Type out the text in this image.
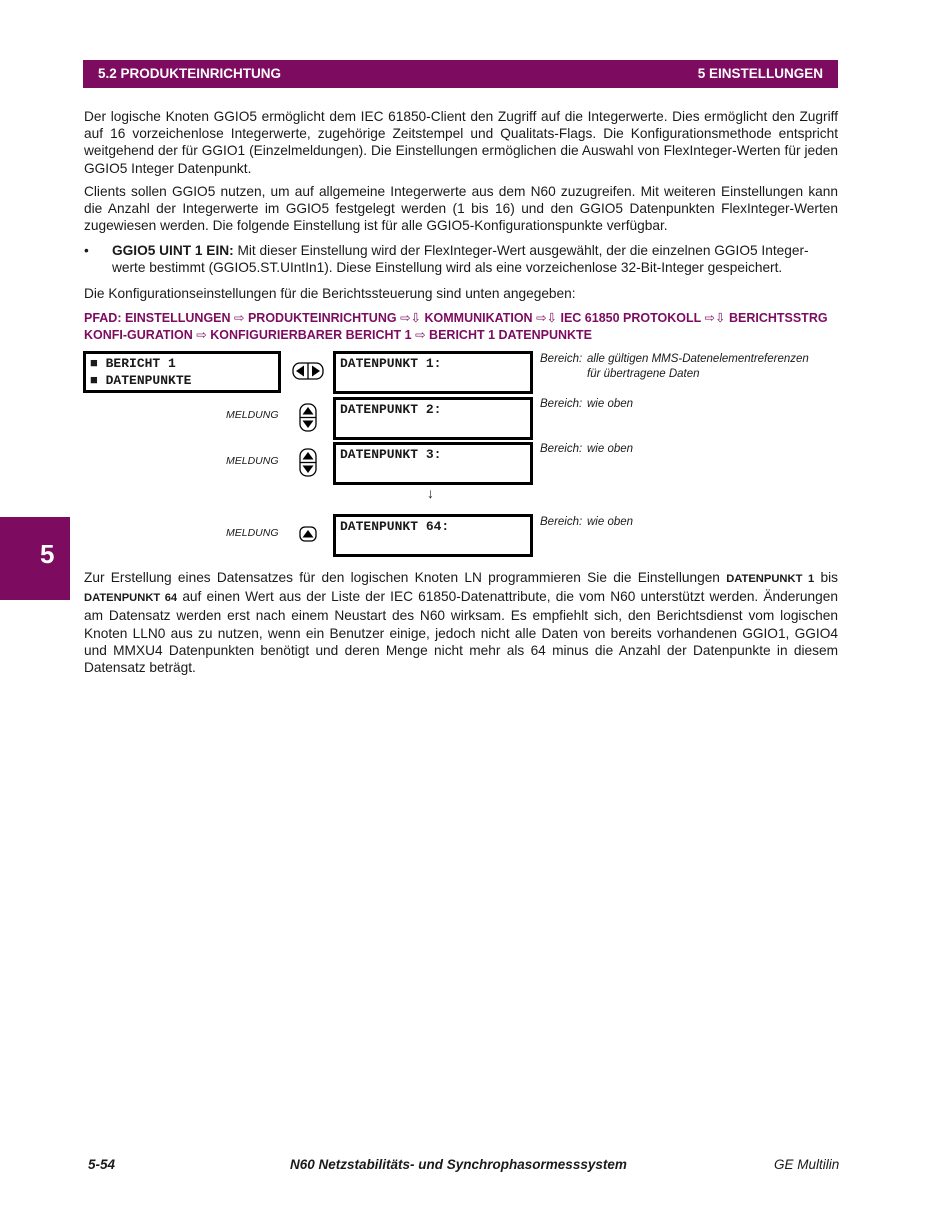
5.2 PRODUKTEINRICHTUNG	5 EINSTELLUNGEN

Der logische Knoten GGIO5 ermöglicht dem IEC 61850-Client den Zugriff auf die Integerwerte. Dies ermöglicht den Zugriff auf 16 vorzeichenlose Integerwerte, zugehörige Zeitstempel und Qualitats-Flags. Die Konfigurationsmethode entspricht weitgehend der für GGIO1 (Einzelmeldungen). Die Einstellungen ermöglichen die Auswahl von FlexInteger-Werten für jeden GGIO5 Integer Datenpunkt.

Clients sollen GGIO5 nutzen, um auf allgemeine Integerwerte aus dem N60 zuzugreifen. Mit weiteren Einstellungen kann die Anzahl der Integerwerte im GGIO5 festgelegt werden (1 bis 16) und den GGIO5 Datenpunkten FlexInteger-Werten zugewiesen werden. Die folgende Einstellung ist für alle GGIO5-Konfigurationspunkte verfügbar.

• GGIO5 UINT 1 EIN: Mit dieser Einstellung wird der FlexInteger-Wert ausgewählt, der die einzelnen GGIO5 Integer-werte bestimmt (GGIO5.ST.UIntIn1). Diese Einstellung wird als eine vorzeichenlose 32-Bit-Integer gespeichert.

Die Konfigurationseinstellungen für die Berichtssteuerung sind unten angegeben:

PFAD: EINSTELLUNGEN ⇨ PRODUKTEINRICHTUNG ⇨⇩ KOMMUNIKATION ⇨⇩ IEC 61850 PROTOKOLL ⇨⇩ BERICHTSSTRG KONFI-GURATION ⇨ KONFIGURIERBARER BERICHT 1 ⇨ BERICHT 1 DATENPUNKTE

■ BERICHT 1
■ DATENPUNKTE
DATENPUNKT 1:
DATENPUNKT 2:
DATENPUNKT 3:
DATENPUNKT 64:
Bereich: alle gültigen MMS-Datenelementreferenzen
für übertragene Daten
Bereich: wie oben
Bereich: wie oben
Bereich: wie oben
MELDUNG
MELDUNG
MELDUNG
↓
5

Zur Erstellung eines Datensatzes für den logischen Knoten LN programmieren Sie die Einstellungen DATENPUNKT 1 bis DATENPUNKT 64 auf einen Wert aus der Liste der IEC 61850-Datenattribute, die vom N60 unterstützt werden. Änderungen am Datensatz werden erst nach einem Neustart des N60 wirksam. Es empfiehlt sich, den Berichtsdienst vom logischen Knoten LLN0 aus zu nutzen, wenn ein Benutzer einige, jedoch nicht alle Daten von bereits vorhandenen GGIO1, GGIO4 und MMXU4 Datenpunkten benötigt und deren Menge nicht mehr als 64 minus die Anzahl der Datenpunkte in diesem Datensatz beträgt.

5-54	N60 Netzstabilitäts- und Synchrophasormesssystem	GE Multilin
